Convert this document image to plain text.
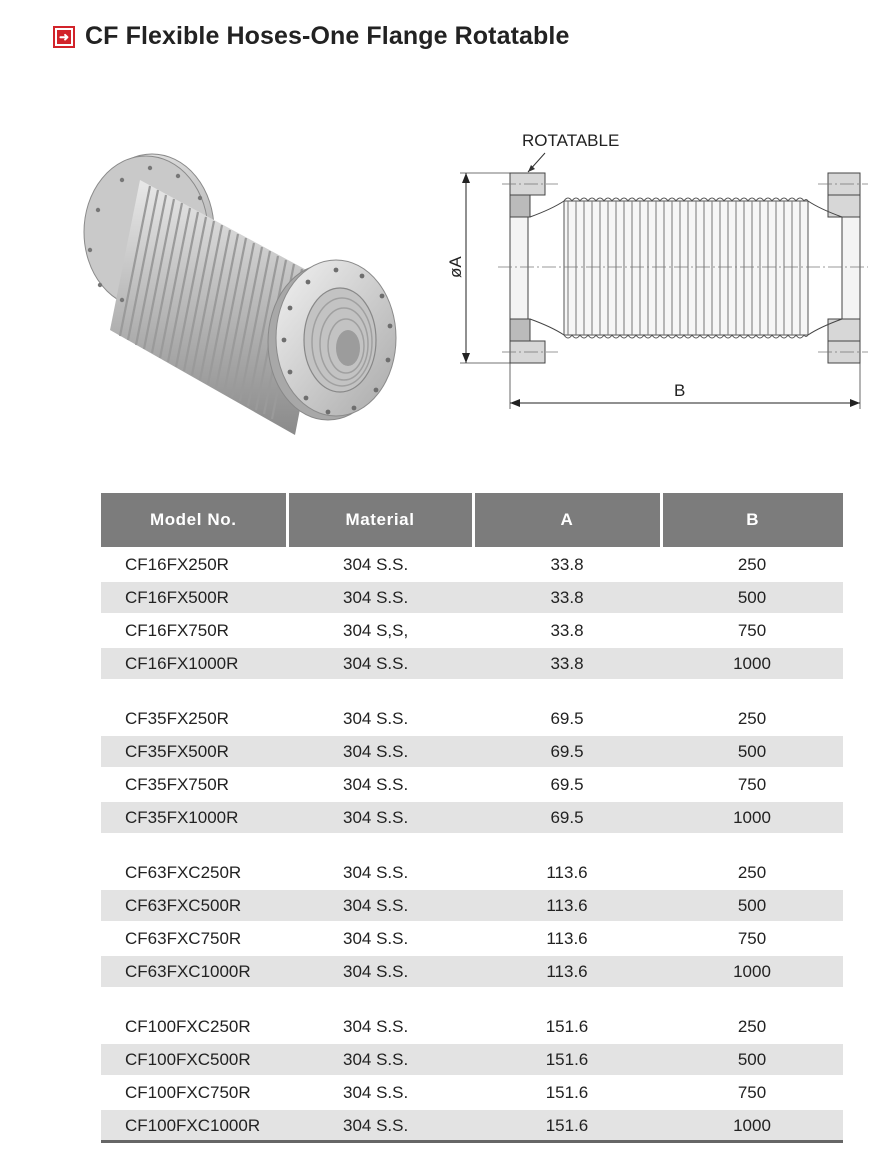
➜ CF Flexible Hoses-One Flange Rotatable
ROTATABLE
øA
B
Model No.	Material	A	B
CF16FX250R	304 S.S.	33.8	250
CF16FX500R	304 S.S.	33.8	500
CF16FX750R	304 S,S,	33.8	750
CF16FX1000R	304 S.S.	33.8	1000

CF35FX250R	304 S.S.	69.5	250
CF35FX500R	304 S.S.	69.5	500
CF35FX750R	304 S.S.	69.5	750
CF35FX1000R	304 S.S.	69.5	1000

CF63FXC250R	304 S.S.	113.6	250
CF63FXC500R	304 S.S.	113.6	500
CF63FXC750R	304 S.S.	113.6	750
CF63FXC1000R	304 S.S.	113.6	1000

CF100FXC250R	304 S.S.	151.6	250
CF100FXC500R	304 S.S.	151.6	500
CF100FXC750R	304 S.S.	151.6	750
CF100FXC1000R	304 S.S.	151.6	1000
